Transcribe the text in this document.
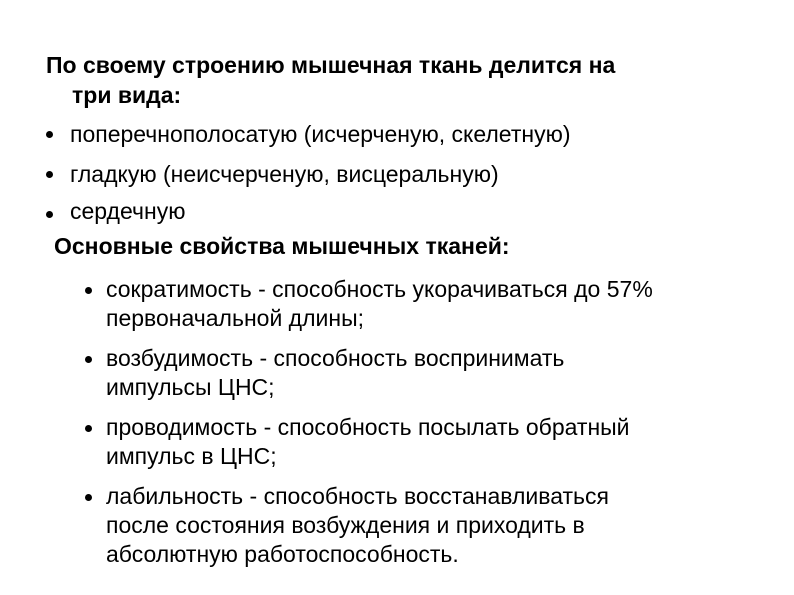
По своему строению мышечная ткань делится на
три вида:
поперечнополосатую (исчерченую, скелетную)
гладкую (неисчерченую, висцеральную)
сердечную
Основные свойства мышечных тканей:
сократимость - способность укорачиваться до 57%
первоначальной длины;
возбудимость - способность воспринимать
импульсы ЦНС;
проводимость - способность посылать обратный
импульс в ЦНС;
лабильность - способность восстанавливаться
после состояния возбуждения и приходить в
абсолютную работоспособность.
